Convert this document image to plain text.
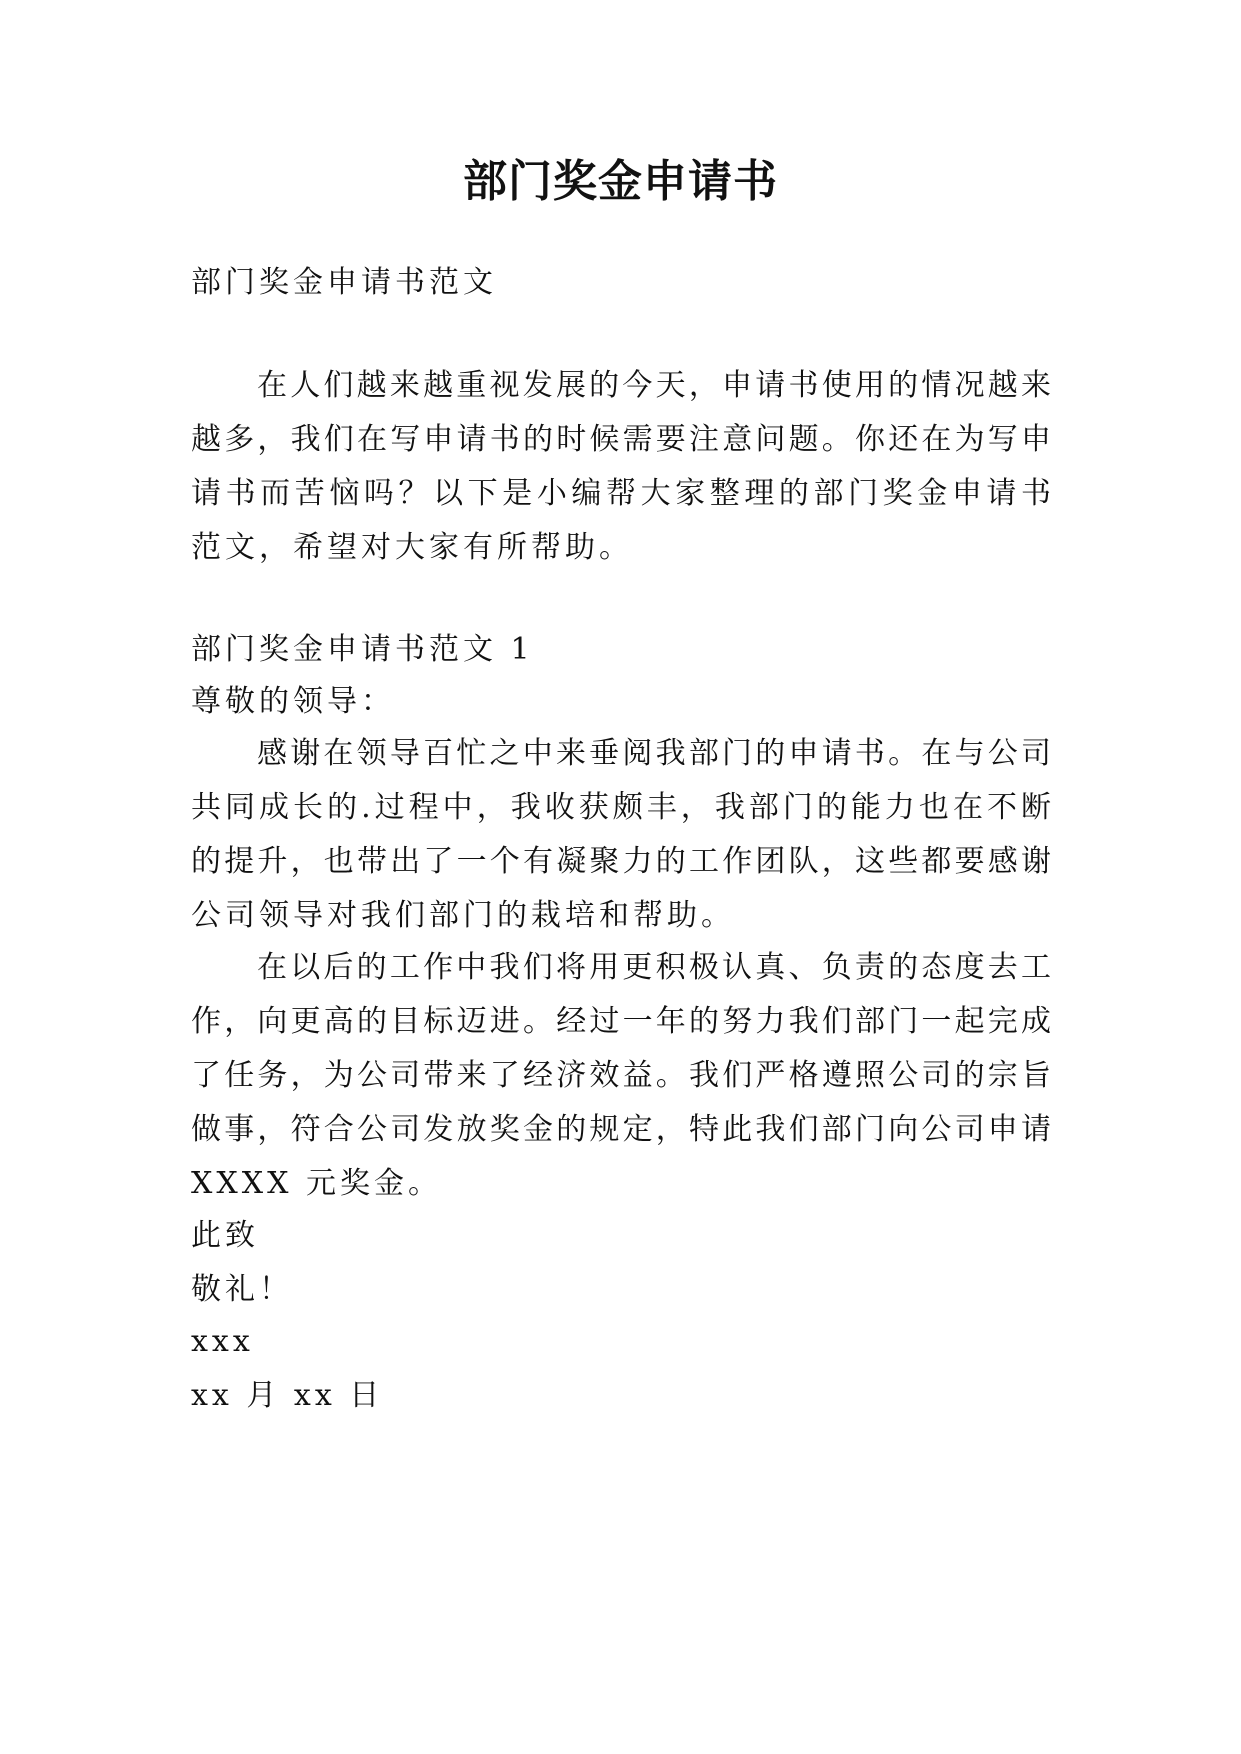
部门奖金申请书

部门奖金申请书范文

在人们越来越重视发展的今天，申请书使用的情况越来

越多，我们在写申请书的时候需要注意问题。你还在为写申

请书而苦恼吗？以下是小编帮大家整理的部门奖金申请书

范文，希望对大家有所帮助。

部门奖金申请书范文 1

尊敬的领导：

感谢在领导百忙之中来垂阅我部门的申请书。在与公司

共同成长的.过程中，我收获颇丰，我部门的能力也在不断

的提升，也带出了一个有凝聚力的工作团队，这些都要感谢

公司领导对我们部门的栽培和帮助。

在以后的工作中我们将用更积极认真、负责的态度去工

作，向更高的目标迈进。经过一年的努力我们部门一起完成

了任务，为公司带来了经济效益。我们严格遵照公司的宗旨

做事，符合公司发放奖金的规定，特此我们部门向公司申请

XXXX 元奖金。

此致

敬礼！

xxx

xx 月 xx 日
